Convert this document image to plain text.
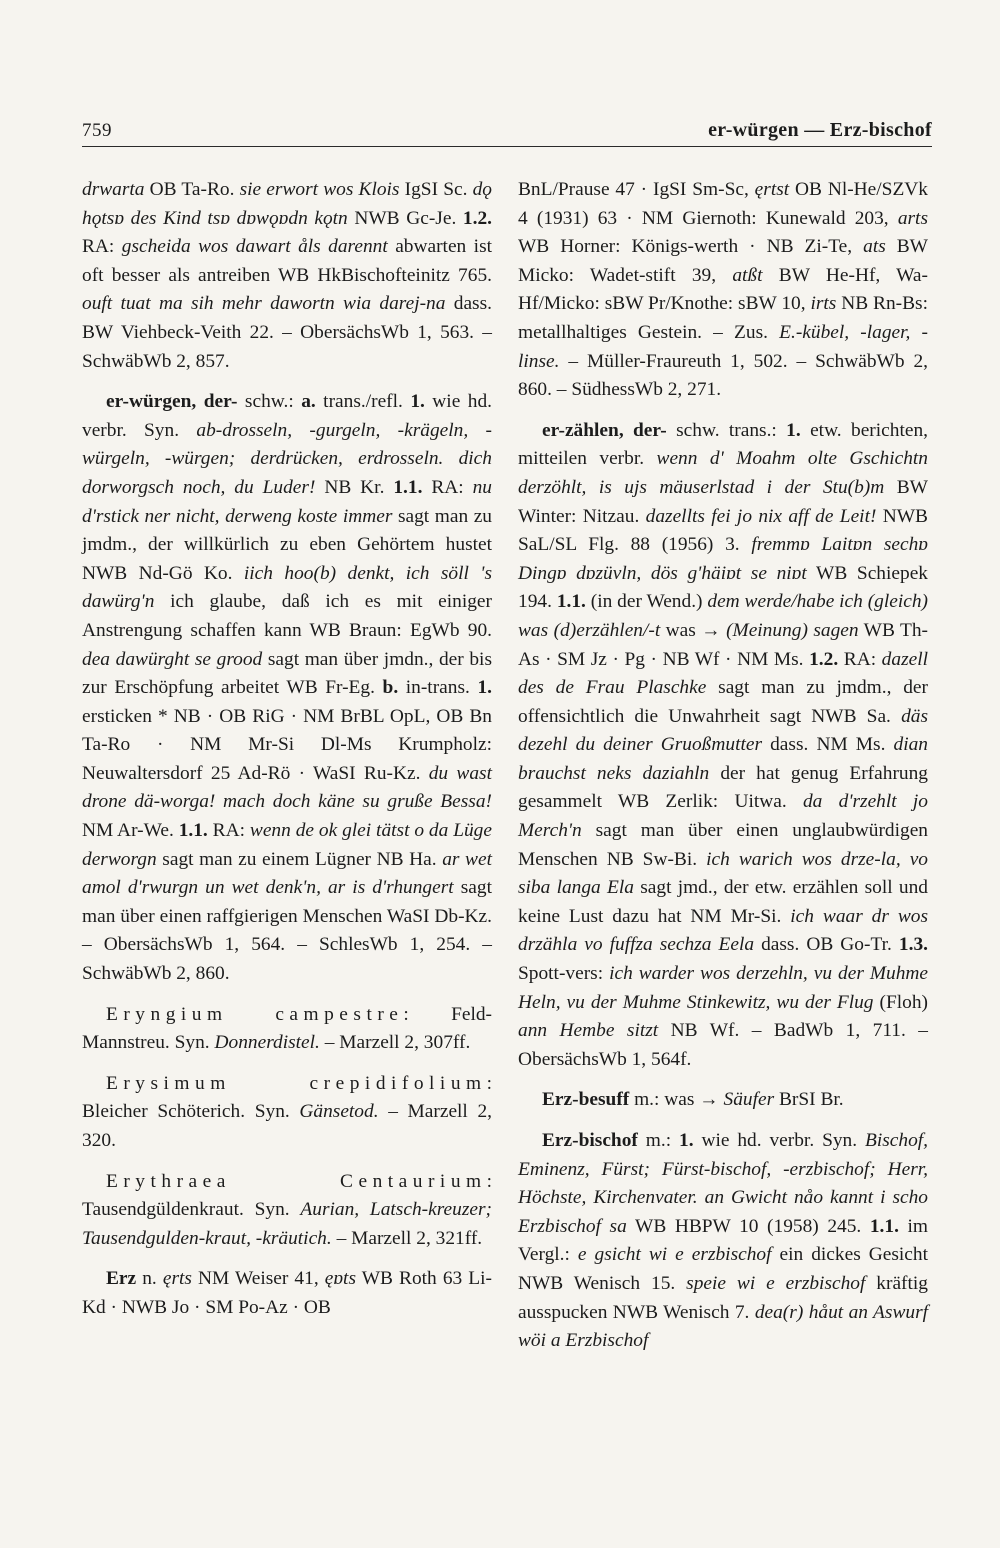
759	er-würgen — Erz-bischof

drwarta OB Ta-Ro. sie erwort wos Klois IgSI Sc. dǫ hǫtsɒ des Kind tsɒ dɒwǫɒdn kǫtn NWB Gc-Je. 1.2. RA: gscheida wos dawart åls darennt abwarten ist oft besser als antreiben WB HkBischofteinitz 765. ouft tuat ma sih mehr dawortn wia darej-na dass. BW Viehbeck-Veith 22. – ObersächsWb 1, 563. – SchwäbWb 2, 857.

er-würgen, der- schw.: a. trans./refl. 1. wie hd. verbr. Syn. ab-drosseln, -gurgeln, -krägeln, -würgeln, -würgen; derdrücken, erdrosseln. dich dorworgsch noch, du Luder! NB Kr. 1.1. RA: nu d'rstick ner nicht, derweng koste immer sagt man zu jmdm., der willkürlich zu eben Gehörtem hustet NWB Nd-Gö Ko. iich hoo(b) denkt, ich söll 's dawürg'n ich glaube, daß ich es mit einiger Anstrengung schaffen kann WB Braun: EgWb 90. dea dawürght se grood sagt man über jmdn., der bis zur Erschöpfung arbeitet WB Fr-Eg. b. in-trans. 1. ersticken * NB · OB RiG · NM BrBL OpL, OB Bn Ta-Ro · NM Mr-Si Dl-Ms Krumpholz: Neuwaltersdorf 25 Ad-Rö · WaSI Ru-Kz. du wast drone dä-worga! mach doch käne su gruße Bessa! NM Ar-We. 1.1. RA: wenn de ok glei tätst o da Lüge derworgn sagt man zu einem Lügner NB Ha. ar wet amol d'rwurgn un wet denk'n, ar is d'rhungert sagt man über einen raffgierigen Menschen WaSI Db-Kz. – ObersächsWb 1, 564. – SchlesWb 1, 254. – SchwäbWb 2, 860.

Eryngium campestre: Feld-Mannstreu. Syn. Donnerdistel. – Marzell 2, 307ff.

Erysimum crepidifolium: Bleicher Schöterich. Syn. Gänsetod. – Marzell 2, 320.

Erythraea Centaurium: Tausendgüldenkraut. Syn. Aurian, Latsch-kreuzer; Tausendgulden-kraut, -kräutich. – Marzell 2, 321ff.

Erz n. ęrts NM Weiser 41, ęɒts WB Roth 63 Li-Kd · NWB Jo · SM Po-Az · OB

BnL/Prause 47 · IgSI Sm-Sc, ęrtst OB Nl-He/SZVk 4 (1931) 63 · NM Giernoth: Kunewald 203, arts WB Horner: Königs-werth · NB Zi-Te, ats BW Micko: Wadet-stift 39, atßt BW He-Hf, Wa-Hf/Micko: sBW Pr/Knothe: sBW 10, irts NB Rn-Bs: metallhaltiges Gestein. – Zus. E.-kübel, -lager, -linse. – Müller-Fraureuth 1, 502. – SchwäbWb 2, 860. – SüdhessWb 2, 271.

er-zählen, der- schw. trans.: 1. etw. berichten, mitteilen verbr. wenn d' Moahm olte Gschichtn derzöhlt, is ujs mäuserlstad i der Stu(b)m BW Winter: Nitzau. dazellts fei jo nix aff de Leit! NWB SaL/SL Flg. 88 (1956) 3. fremmɒ Laitɒn sechɒ Dingɒ dɒzüvln, dös g'häiɒt se niɒt WB Schiepek 194. 1.1. (in der Wend.) dem werde/habe ich (gleich) was (d)erzählen/-t was → (Meinung) sagen WB Th-As · SM Jz · Pg · NB Wf · NM Ms. 1.2. RA: dazell des de Frau Plaschke sagt man zu jmdm., der offensichtlich die Unwahrheit sagt NWB Sa. däs dezehl du deiner Gruoßmutter dass. NM Ms. dian brauchst neks daziahln der hat genug Erfahrung gesammelt WB Zerlik: Uitwa. da d'rzehlt jo Merch'n sagt man über einen unglaubwürdigen Menschen NB Sw-Bi. ich warich wos drze-la, vo siba langa Ela sagt jmd., der etw. erzählen soll und keine Lust dazu hat NM Mr-Si. ich waar dr wos drzähla vo fuffza sechza Eela dass. OB Go-Tr. 1.3. Spott-vers: ich warder wos derzehln, vu der Muhme Heln, vu der Muhme Stinkewitz, wu der Flug (Floh) ann Hembe sitzt NB Wf. – BadWb 1, 711. – ObersächsWb 1, 564f.

Erz-besuff m.: was → Säufer BrSI Br.

Erz-bischof m.: 1. wie hd. verbr. Syn. Bischof, Eminenz, Fürst; Fürst-bischof, -erzbischof; Herr, Höchste, Kirchenvater. an Gwicht nåo kannt i scho Erzbischof sa WB HBPW 10 (1958) 245. 1.1. im Vergl.: e gsicht wi e erzbischof ein dickes Gesicht NWB Wenisch 15. speie wi e erzbischof kräftig ausspucken NWB Wenisch 7. dea(r) håut an Aswurf wöi a Erzbischof
